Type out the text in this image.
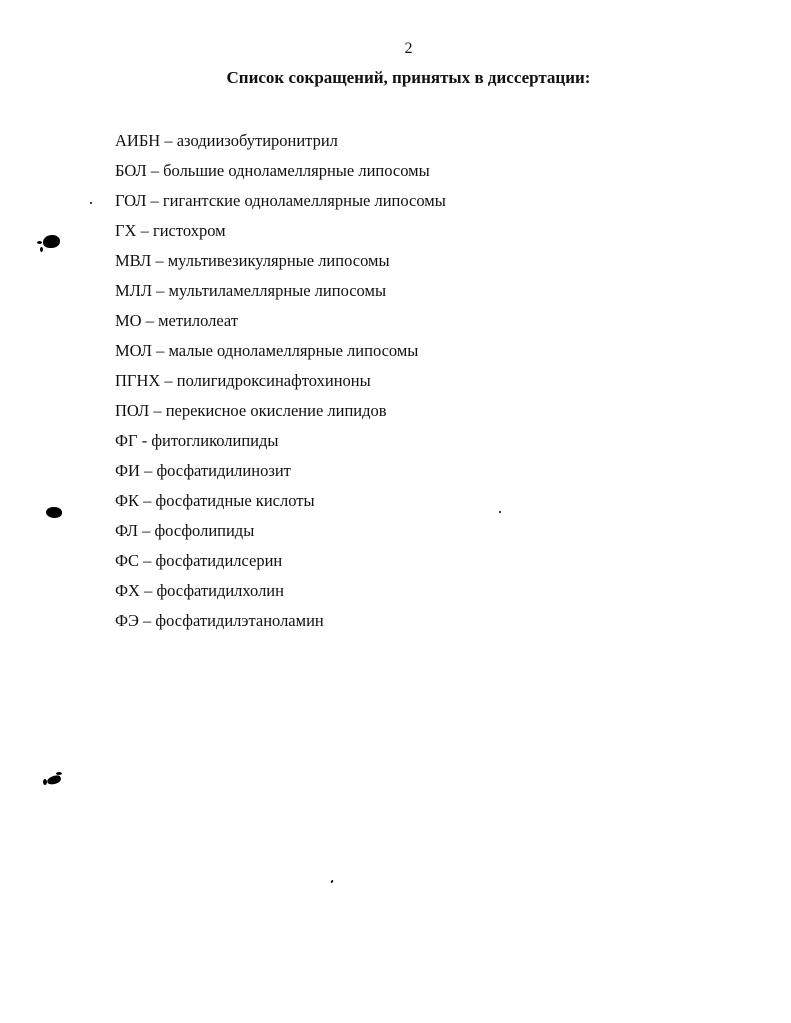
2
Список сокращений, принятых в диссертации:
АИБН – азодиизобутиронитрил
БОЛ – большие одноламеллярные липосомы
ГОЛ – гигантские одноламеллярные липосомы
ГХ – гистохром
МВЛ – мультивезикулярные липосомы
МЛЛ – мультиламеллярные липосомы
МО – метилолеат
МОЛ – малые одноламеллярные липосомы
ПГНХ – полигидроксинафтохиноны
ПОЛ – перекисное окисление липидов
ФГ - фитогликолипиды
ФИ – фосфатидилинозит
ФК – фосфатидные кислоты
ФЛ – фосфолипиды
ФС – фосфатидилсерин
ФХ – фосфатидилхолин
ФЭ – фосфатидилэтаноламин
